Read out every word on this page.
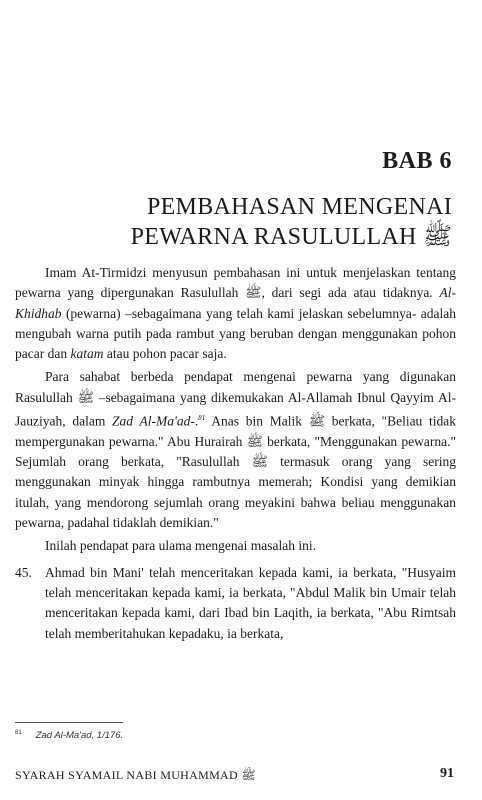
BAB 6
PEMBAHASAN MENGENAI
PEWARNA RASULULLAH ﷺ

Imam At-Tirmidzi menyusun pembahasan ini untuk menjelaskan tentang pewarna yang dipergunakan Rasulullah ﷺ, dari segi ada atau tidaknya. Al-Khidhab (pewarna) –sebagaimana yang telah kami jelaskan sebelumnya- adalah mengubah warna putih pada rambut yang beruban dengan menggunakan pohon pacar dan katam atau pohon pacar saja.

Para sahabat berbeda pendapat mengenai pewarna yang digunakan Rasulullah ﷺ –sebagaimana yang dikemukakan Al-Allamah Ibnul Qayyim Al-Jauziyah, dalam Zad Al-Ma'ad-.$^{81}$ Anas bin Malik ﷺ berkata, "Beliau tidak mempergunakan pewarna." Abu Hurairah ﷺ berkata, "Menggunakan pewarna." Sejumlah orang berkata, "Rasulullah ﷺ termasuk orang yang sering menggunakan minyak hingga rambutnya memerah; Kondisi yang demikian itulah, yang mendorong sejumlah orang meyakini bahwa beliau menggunakan pewarna, padahal tidaklah demikian."

Inilah pendapat para ulama mengenai masalah ini.

45. Ahmad bin Mani' telah menceritakan kepada kami, ia berkata, "Husyaim telah menceritakan kepada kami, ia berkata, "Abdul Malik bin Umair telah menceritakan kepada kami, dari Ibad bin Laqith, ia berkata, "Abu Rimtsah telah memberitahukan kepadaku, ia berkata,
$^{81}$ Zad Al-Ma'ad, 1/176.
SYARAH SYAMAIL NABI MUHAMMAD ﷺ	91
